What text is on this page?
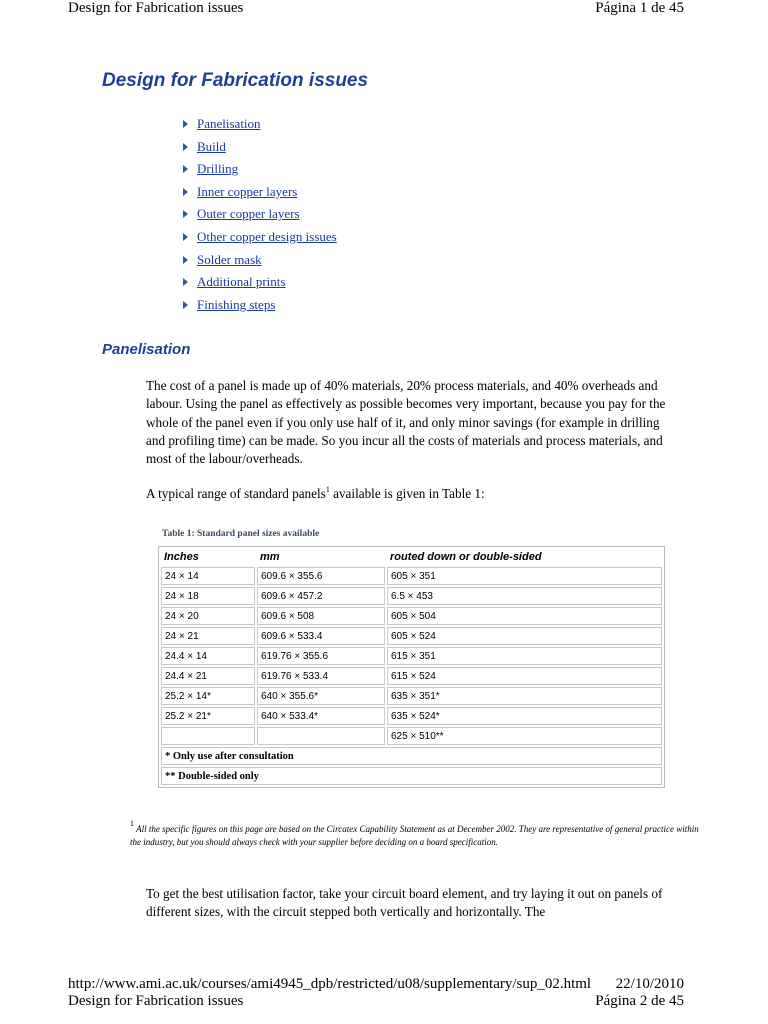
Design for Fabrication issues	Página 1 de 45
Design for Fabrication issues
Panelisation
Build
Drilling
Inner copper layers
Outer copper layers
Other copper design issues
Solder mask
Additional prints
Finishing steps
Panelisation

The cost of a panel is made up of 40% materials, 20% process materials, and 40% overheads and labour. Using the panel as effectively as possible becomes very important, because you pay for the whole of the panel even if you only use half of it, and only minor savings (for example in drilling and profiling time) can be made. So you incur all the costs of materials and process materials, and most of the labour/overheads.

A typical range of standard panels$^1$ available is given in Table 1:

Table 1: Standard panel sizes available
Inches	mm	routed down or double-sided
24 × 14	609.6 × 355.6	605 × 351
24 × 18	609.6 × 457.2	6.5 × 453
24 × 20	609.6 × 508	605 × 504
24 × 21	609.6 × 533.4	605 × 524
24.4 × 14	619.76 × 355.6	615 × 351
24.4 × 21	619.76 × 533.4	615 × 524
25.2 × 14*	640 × 355.6*	635 × 351*
25.2 × 21*	640 × 533.4*	635 × 524*
		625 × 510**
* Only use after consultation		
** Double-sided only		

$^1$ All the specific figures on this page are based on the Circatex Capability Statement as at December 2002. They are representative of general practice within the industry, but you should always check with your supplier before deciding on a board specification.

To get the best utilisation factor, take your circuit board element, and try laying it out on panels of different sizes, with the circuit stepped both vertically and horizontally. The

http://www.ami.ac.uk/courses/ami4945_dpb/restricted/u08/supplementary/sup_02.html 22/10/2010
Design for Fabrication issues	Página 2 de 45
